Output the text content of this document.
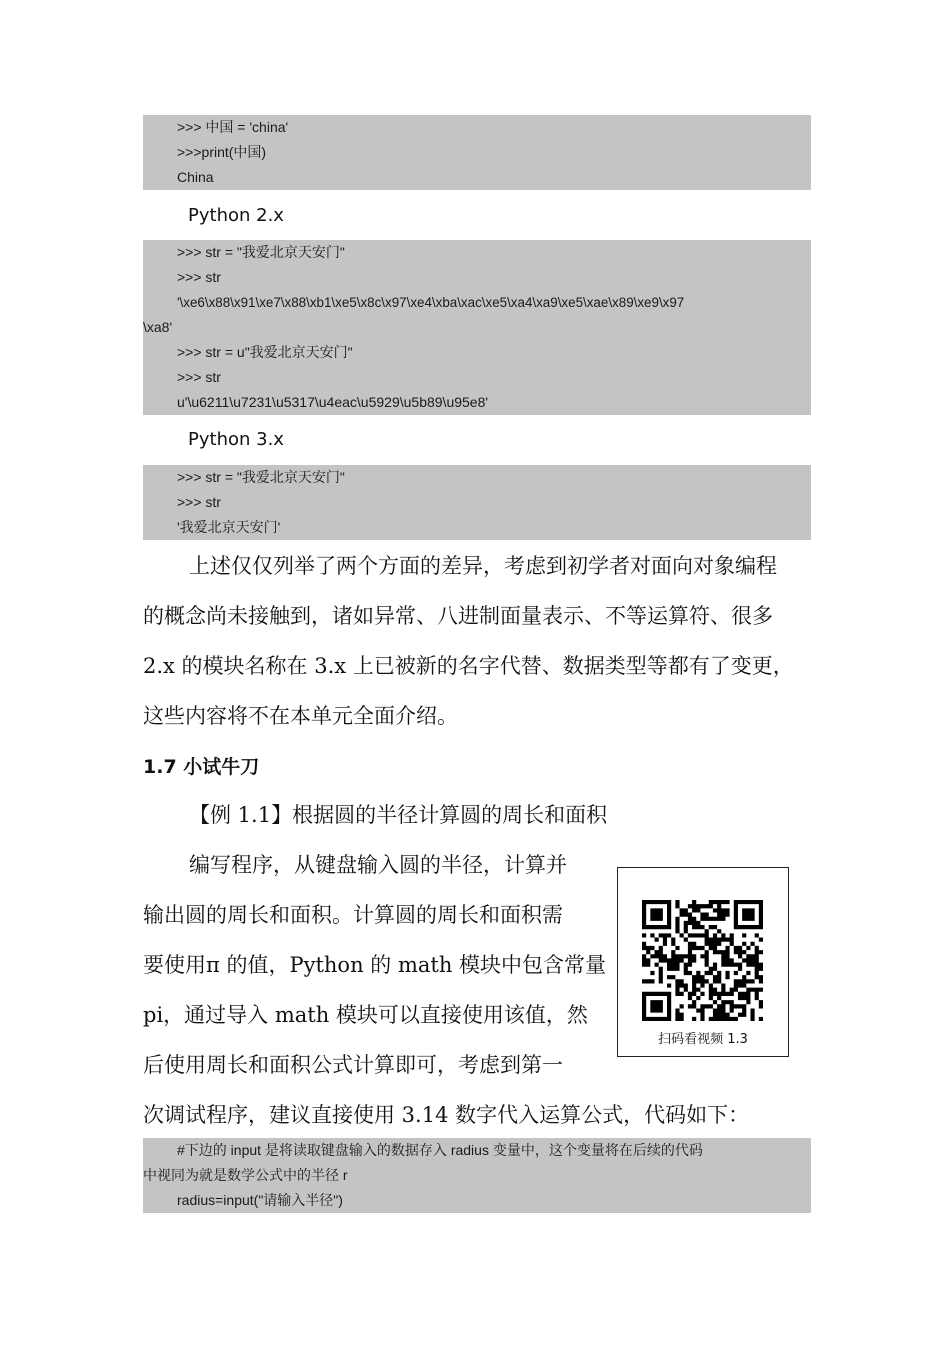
>>> 中国 = 'china'
>>>print(中国)
China
Python 2.x
>>> str = "我爱北京天安门"
>>> str
'\xe6\x88\x91\xe7\x88\xb1\xe5\x8c\x97\xe4\xba\xac\xe5\xa4\xa9\xe5\xae\x89\xe9\x97
\xa8'
>>> str = u"我爱北京天安门"
>>> str
u'\u6211\u7231\u5317\u4eac\u5929\u5b89\u95e8'
Python 3.x
>>> str = "我爱北京天安门"
>>> str
'我爱北京天安门'
上述仅仅列举了两个方面的差异，考虑到初学者对面向对象编程
的概念尚未接触到，诸如异常、八进制面量表示、不等运算符、很多
2.x 的模块名称在 3.x 上已被新的名字代替、数据类型等都有了变更，
这些内容将不在本单元全面介绍。
1.7 小试牛刀
【例 1.1】根据圆的半径计算圆的周长和面积
编写程序，从键盘输入圆的半径，计算并
输出圆的周长和面积。计算圆的周长和面积需
要使用π 的值，Python 的 math 模块中包含常量
pi，通过导入 math 模块可以直接使用该值，然
后使用周长和面积公式计算即可，考虑到第一
次调试程序，建议直接使用 3.14 数字代入运算公式，代码如下：
扫码看视频 1.3
#下边的 input 是将读取键盘输入的数据存入 radius 变量中，这个变量将在后续的代码
中视同为就是数学公式中的半径 r
radius=input("请输入半径")
